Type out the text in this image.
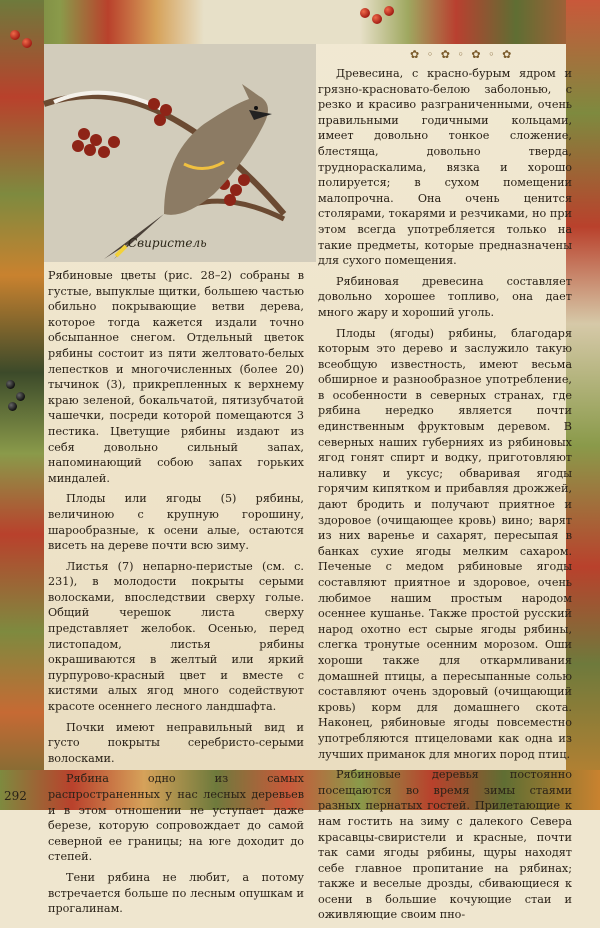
Свиристель
✿ ◦ ✿ ◦ ✿ ◦ ✿

Рябиновые цветы (рис. 28–2) собраны в густые, выпуклые щитки, большею частью обильно покрывающие ветви дерева, которое тогда кажется издали точно обсыпанное снегом. Отдельный цветок рябины состоит из пяти желтовато-белых лепестков и многочисленных (более 20) тычинок (3), прикрепленных к верхнему краю зеленой, бокальчатой, пятизубчатой чашечки, посреди которой помещаются 3 пестика. Цветущие рябины издают из себя довольно сильный запах, напоминающий собою запах горьких миндалей.

Плоды или ягоды (5) рябины, величиною с крупную горошину, шарообразные, к осени алые, остаются висеть на дереве почти всю зиму.

Листья (7) непарно-перистые (см. с. 231), в молодости покрыты серыми волосками, впоследствии сверху голые. Общий черешок листа сверху представляет желобок. Осенью, перед листопадом, листья рябины окрашиваются в желтый или яркий пурпурово-красный цвет и вместе с кистями алых ягод много содействуют красоте осеннего лесного ландшафта.

Почки имеют неправильный вид и густо покрыты серебристо-серыми волосками.

Рябина одно из самых распространенных у нас лесных деревьев и в этом отношении не уступает даже березе, которую сопровождает до самой северной ее границы; на юге доходит до степей.

Тени рябина не любит, а потому встречается больше по лесным опушкам и прогалинам.

Древесина, с красно-бурым ядром и грязно-красновато-белою заболонью, с резко и красиво разграниченными, очень правильными годичными кольцами, имеет довольно тонкое сложение, блестяща, довольно тверда, труднораскалима, вязка и хорошо полируется; в сухом помещении малопрочна. Она очень ценится столярами, токарями и резчиками, но при этом всегда употребляется только на такие предметы, которые предназначены для сухого помещения.

Рябиновая древесина составляет довольно хорошее топливо, она дает много жару и хороший уголь.

Плоды (ягоды) рябины, благодаря которым это дерево и заслужило такую всеобщую известность, имеют весьма обширное и разнообразное употребление, в особенности в северных странах, где рябина нередко является почти единственным фруктовым деревом. В северных наших губерниях из рябиновых ягод гонят спирт и водку, приготовляют наливку и уксус; обваривая ягоды горячим кипятком и прибавляя дрожжей, дают бродить и получают приятное и здоровое (очищающее кровь) вино; варят из них варенье и сахарят, пересыпая в банках сухие ягоды мелким сахаром. Печеные с медом рябиновые ягоды составляют приятное и здоровое, очень любимое нашим простым народом осеннее кушанье. Также простой русский народ охотно ест сырые ягоды рябины, слегка тронутые осенним морозом. Оши хороши также для откармливания домашней птицы, а пересыпанные солью составляют очень здоровый (очищающий кровь) корм для домашнего скота. Наконец, рябиновые ягоды повсеместно употребляются птицеловами как одна из лучших приманок для многих пород птиц.

Рябиновые деревья постоянно посещаются во время зимы стаями разных пернатых гостей. Прилетающие к нам гостить на зиму с далекого Севера красавцы-свиристели и красные, почти так сами ягоды рябины, щуры находят себе главное пропитание на рябинах; также и веселые дрозды, сбивающиеся к осени в большие кочующие стаи и оживляющие своим пно-

292
